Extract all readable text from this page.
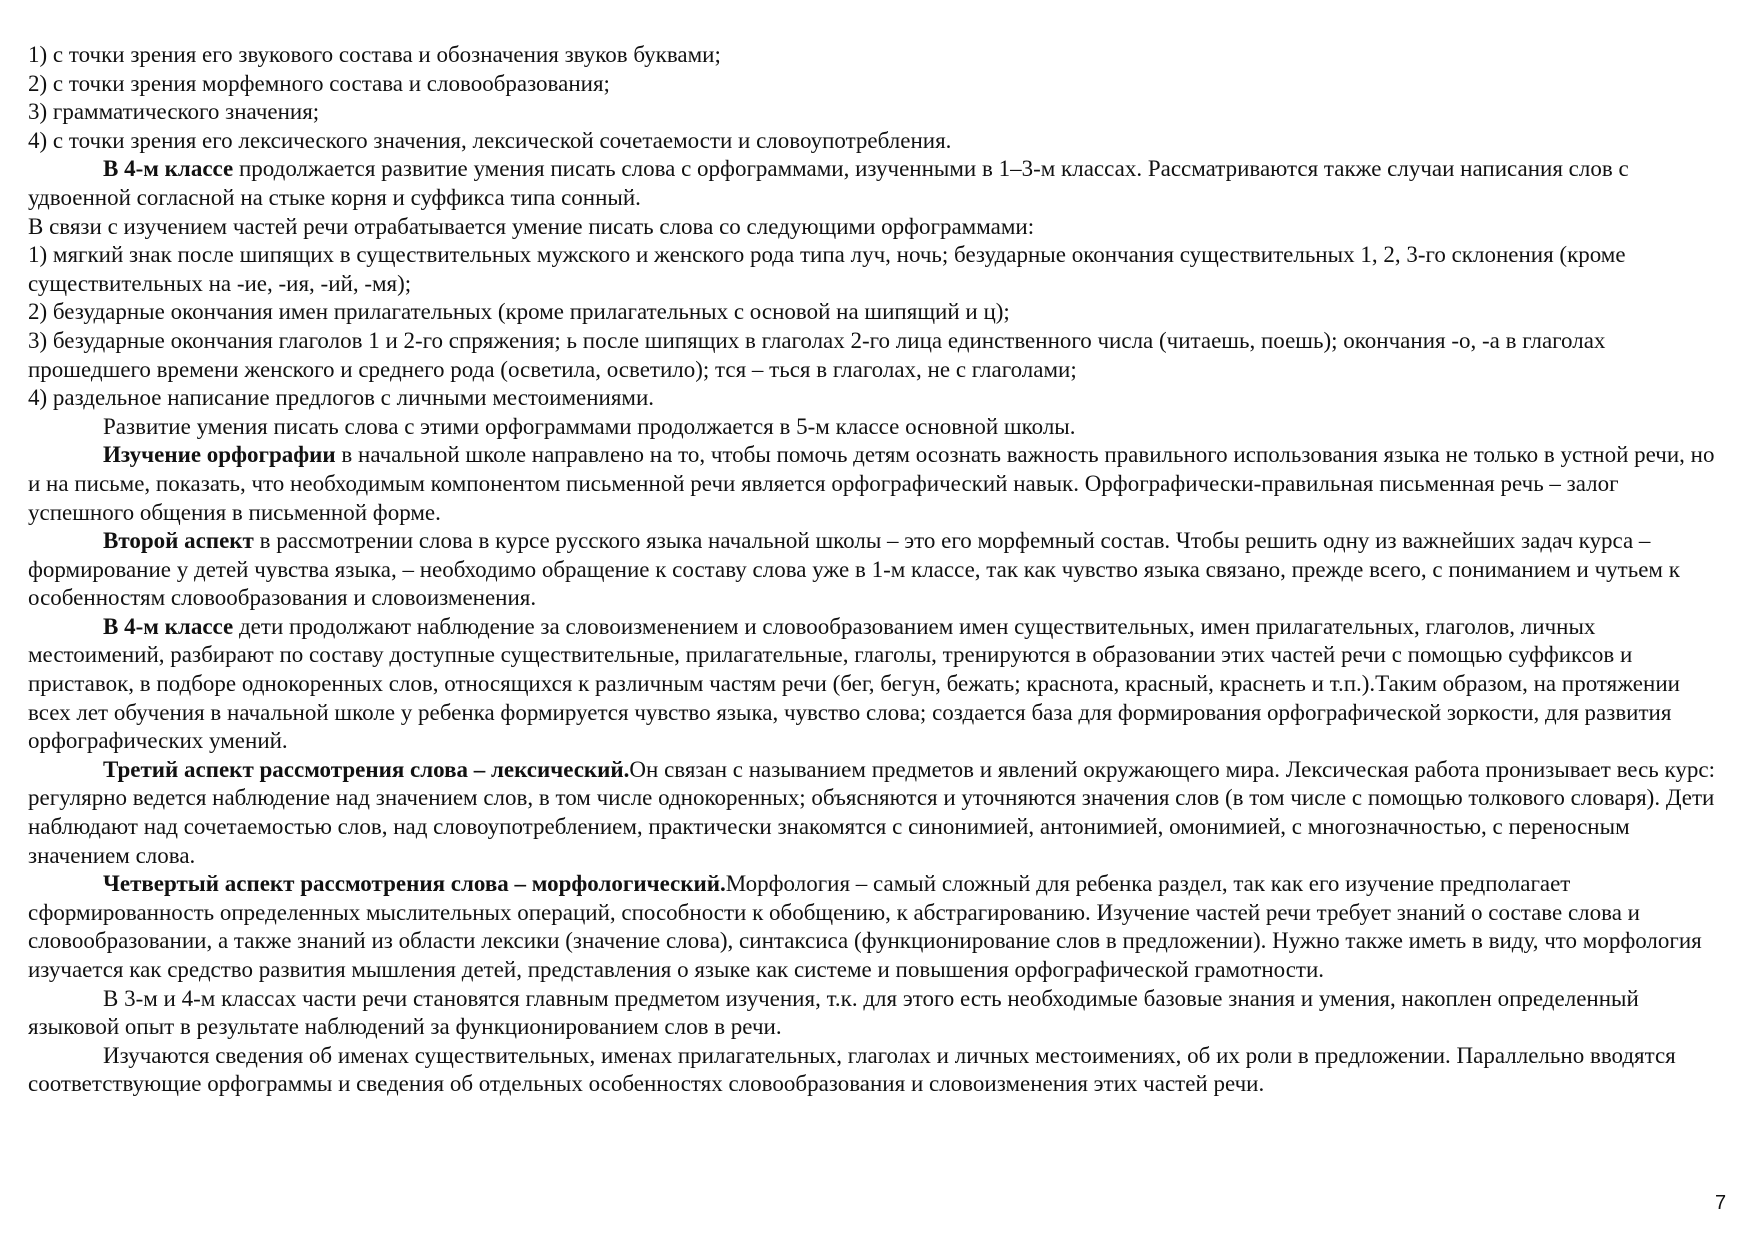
1) с точки зрения его звукового состава и обозначения звуков буквами;

2) с точки зрения морфемного состава и словообразования;

3) грамматического значения;

4) с точки зрения его лексического значения, лексической сочетаемости и словоупотребления.

В 4-м классе продолжается развитие умения писать слова с орфограммами, изученными в 1–3-м классах. Рассматриваются также случаи написания слов с удвоенной согласной на стыке корня и суффикса типа сонный.

В связи с изучением частей речи отрабатывается умение писать слова со следующими орфограммами:

1) мягкий знак после шипящих в существительных мужского и женского рода типа луч, ночь; безударные окончания существительных 1, 2, 3-го склонения (кроме существительных на -ие, -ия, -ий, -мя);

2) безударные окончания имен прилагательных (кроме прилагательных с основой на шипящий и ц);

3) безударные окончания глаголов 1 и 2-го спряжения; ь после шипящих в глаголах 2-го лица единственного числа (читаешь, поешь); окончания -о, -а в глаголах прошедшего времени женского и среднего рода (осветила, осветило); тся – ться в глаголах, не с глаголами;

4) раздельное написание предлогов с личными местоимениями.

Развитие умения писать слова с этими орфограммами продолжается в 5-м классе основной школы.

Изучение орфографии в начальной школе направлено на то, чтобы помочь детям осознать важность правильного использования языка не только в устной речи, но и на письме, показать, что необходимым компонентом письменной речи является орфографический навык. Орфографически-правильная письменная речь – залог успешного общения в письменной форме.

Второй аспект в рассмотрении слова в курсе русского языка начальной школы – это его морфемный состав. Чтобы решить одну из важнейших задач курса – формирование у детей чувства языка, – необходимо обращение к составу слова уже в 1-м классе, так как чувство языка связано, прежде всего, с пониманием и чутьем к особенностям словообразования и словоизменения.

В 4-м классе дети продолжают наблюдение за словоизменением и словообразованием имен существительных, имен прилагательных, глаголов, личных местоимений, разбирают по составу доступные существительные, прилагательные, глаголы, тренируются в образовании этих частей речи с помощью суффиксов и приставок, в подборе однокоренных слов, относящихся к различным частям речи (бег, бегун, бежать; краснота, красный, краснеть и т.п.).Таким образом, на протяжении всех лет обучения в начальной школе у ребенка формируется чувство языка, чувство слова; создается база для формирования орфографической зоркости, для развития орфографических умений.

Третий аспект рассмотрения слова – лексический.Он связан с называнием предметов и явлений окружающего мира. Лексическая работа пронизывает весь курс: регулярно ведется наблюдение над значением слов, в том числе однокоренных; объясняются и уточняются значения слов (в том числе с помощью толкового словаря). Дети наблюдают над сочетаемостью слов, над словоупотреблением, практически знакомятся с синонимией, антонимией, омонимией, с многозначностью, с переносным значением слова.

Четвертый аспект рассмотрения слова – морфологический.Морфология – самый сложный для ребенка раздел, так как его изучение предполагает сформированность определенных мыслительных операций, способности к обобщению, к абстрагированию. Изучение частей речи требует знаний о составе слова и словообразовании, а также знаний из области лексики (значение слова), синтаксиса (функционирование слов в предложении). Нужно также иметь в виду, что морфология изучается как средство развития мышления детей, представления о языке как системе и повышения орфографической грамотности.

В 3-м и 4-м классах части речи становятся главным предметом изучения, т.к. для этого есть необходимые базовые знания и умения, накоплен определенный языковой опыт в результате наблюдений за функционированием слов в речи.

Изучаются сведения об именах существительных, именах прилагательных, глаголах и личных местоимениях, об их роли в предложении. Параллельно вводятся соответствующие орфограммы и сведения об отдельных особенностях словообразования и словоизменения этих частей речи.

7
